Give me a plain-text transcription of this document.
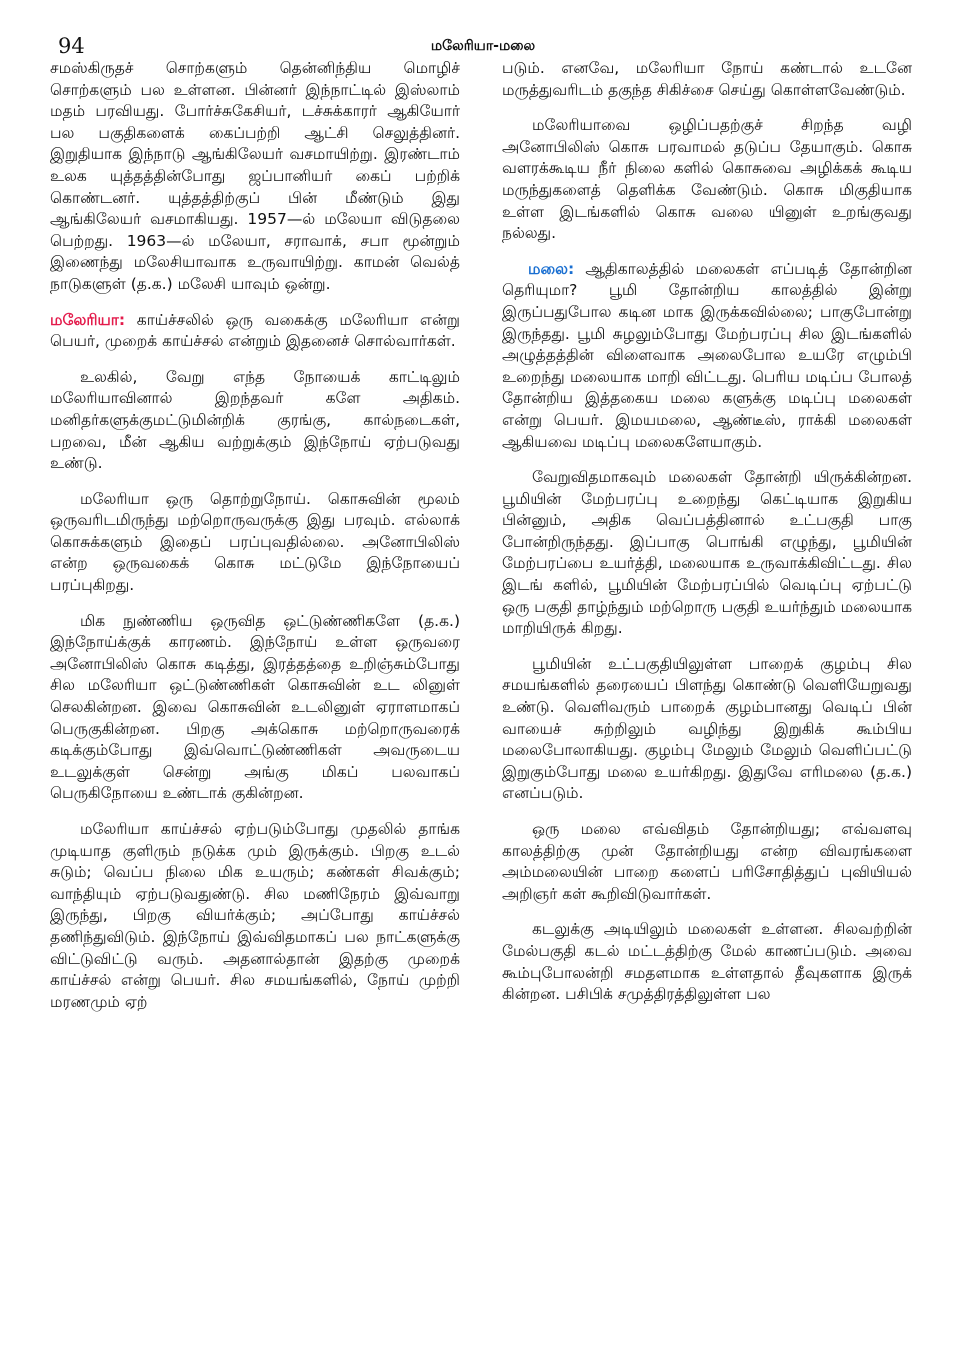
94	மலேரியா-மலை

சமஸ்கிருதச் சொற்களும் தென்னிந்திய மொழிச் சொற்களும் பல உள்ளன. பின்னர் இந்நாட்டில் இஸ்லாம் மதம் பரவியது. போர்ச்சுகேசியர், டச்சுக்காரர் ஆகியோர் பல பகுதிகளைக் கைப்பற்றி ஆட்சி செலுத்தினர். இறுதியாக இந்நாடு ஆங்கிலேயர் வசமாயிற்று. இரண்டாம் உலக யுத்தத்தின்போது ஜப்பானியர் கைப் பற்றிக் கொண்டனர். யுத்தத்திற்குப் பின் மீண்டும் இது ஆங்கிலேயர் வசமாகியது. 1957—ல் மலேயா விடுதலை பெற்றது. 1963—ல் மலேயா, சராவாக், சபா மூன்றும் இணைந்து மலேசியாவாக உருவாயிற்று. காமன் வெல்த் நாடுகளுள் (த.க.) மலேசி யாவும் ஒன்று.

மலேரியா: காய்ச்சலில் ஒரு வகைக்கு மலேரியா என்று பெயர், முறைக் காய்ச்சல் என்றும் இதனைச் சொல்வார்கள்.

உலகில், வேறு எந்த நோயைக் காட்டிலும் மலேரியாவினால் இறந்தவர் களே அதிகம். மனிதர்களுக்குமட்டுமின்றிக் குரங்கு, கால்நடைகள், பறவை, மீன் ஆகிய வற்றுக்கும் இந்நோய் ஏற்படுவது உண்டு.

மலேரியா ஒரு தொற்றுநோய். கொசுவின் மூலம் ஒருவரிடமிருந்து மற்றொருவருக்கு இது பரவும். எல்லாக் கொசுக்களும் இதைப் பரப்புவதில்லை. அனோபிலிஸ் என்ற ஒருவகைக் கொசு மட்டுமே இந்நோயைப் பரப்புகிறது.

மிக நுண்ணிய ஒருவித ஒட்டுண்ணிகளே (த.க.) இந்நோய்க்குக் காரணம். இந்நோய் உள்ள ஒருவரை அனோபிலிஸ் கொசு கடித்து, இரத்தத்தை உறிஞ்சும்போது சில மலேரியா ஒட்டுண்ணிகள் கொசுவின் உட லினுள் செலகின்றன. இவை கொசுவின் உடலினுள் ஏராளமாகப் பெருகுகின்றன. பிறகு அக்கொசு மற்றொருவரைக் கடிக்கும்போது இவ்வொட்டுண்ணிகள் அவருடைய உடலுக்குள் சென்று அங்கு மிகப் பலவாகப் பெருகிநோயை உண்டாக் குகின்றன.

மலேரியா காய்ச்சல் ஏற்படும்போது முதலில் தாங்க முடியாத குளிரும் நடுக்க மும் இருக்கும். பிறகு உடல் சுடும்; வெப்ப நிலை மிக உயரும்; கண்கள் சிவக்கும்; வாந்தியும் ஏற்படுவதுண்டு. சில மணிநேரம் இவ்வாறு இருந்து, பிறகு வியர்க்கும்; அப்போது காய்ச்சல் தணிந்துவிடும். இந்நோய் இவ்விதமாகப் பல நாட்களுக்கு விட்டுவிட்டு வரும். அதனால்தான் இதற்கு முறைக் காய்ச்சல் என்று பெயர். சில சமயங்களில், நோய் முற்றி மரணமும் ஏற்

படும். எனவே, மலேரியா நோய் கண்டால் உடனே மருத்துவரிடம் தகுந்த சிகிச்சை செய்து கொள்ளவேண்டும்.

மலேரியாவை ஒழிப்பதற்குச் சிறந்த வழி அனோபிலிஸ் கொசு பரவாமல் தடுப்ப தேயாகும். கொசு வளரக்கூடிய நீர் நிலை களில் கொசுவை அழிக்கக் கூடிய மருந்துகளைத் தெளிக்க வேண்டும். கொசு மிகுதியாக உள்ள இடங்களில் கொசு வலை யினுள் உறங்குவது நல்லது.

மலை: ஆதிகாலத்தில் மலைகள் எப்படித் தோன்றின தெரியுமா? பூமி தோன்றிய காலத்தில் இன்று இருப்பதுபோல கடின மாக இருக்கவில்லை; பாகுபோன்று இருந்தது. பூமி சுழலும்போது மேற்பரப்பு சில இடங்களில் அழுத்தத்தின் விளைவாக அலைபோல உயரே எழும்பி உறைந்து மலையாக மாறி விட்டது. பெரிய மடிப்ப போலத் தோன்றிய இத்தகைய மலை களுக்கு மடிப்பு மலைகள் என்று பெயர். இமயமலை, ஆண்டீஸ், ராக்கி மலைகள் ஆகியவை மடிப்பு மலைகளேயாகும்.

வேறுவிதமாகவும் மலைகள் தோன்றி யிருக்கின்றன. பூமியின் மேற்பரப்பு உறைந்து கெட்டியாக இறுகிய பின்னும், அதிக வெப்பத்தினால் உட்பகுதி பாகு போன்றிருந்தது. இப்பாகு பொங்கி எழுந்து, பூமியின் மேற்பரப்பை உயர்த்தி, மலையாக உருவாக்கிவிட்டது. சில இடங் களில், பூமியின் மேற்பரப்பில் வெடிப்பு ஏற்பட்டு ஒரு பகுதி தாழ்ந்தும் மற்றொரு பகுதி உயர்ந்தும் மலையாக மாறியிருக் கிறது.

பூமியின் உட்பகுதியிலுள்ள பாறைக் குழம்பு சில சமயங்களில் தரையைப் பிளந்து கொண்டு வெளியேறுவது உண்டு. வெளிவரும் பாறைக் குழம்பானது வெடிப் பின் வாயைச் சுற்றிலும் வழிந்து இறுகிக் கூம்பிய மலைபோலாகியது. குழம்பு மேலும் மேலும் வெளிப்பட்டு இறுகும்போது மலை உயர்கிறது. இதுவே எரிமலை (த.க.) எனப்படும்.

ஒரு மலை எவ்விதம் தோன்றியது; எவ்வளவு காலத்திற்கு முன் தோன்றியது என்ற விவரங்களை அம்மலையின் பாறை களைப் பரிசோதித்துப் புவியியல் அறிஞர் கள் கூறிவிடுவார்கள்.

கடலுக்கு அடியிலும் மலைகள் உள்ளன. சிலவற்றின் மேல்பகுதி கடல் மட்டத்திற்கு மேல் காணப்படும். அவை கூம்புபோலன்றி சமதளமாக உள்ளதால் தீவுகளாக இருக் கின்றன. பசிபிக் சமுத்திரத்திலுள்ள பல
